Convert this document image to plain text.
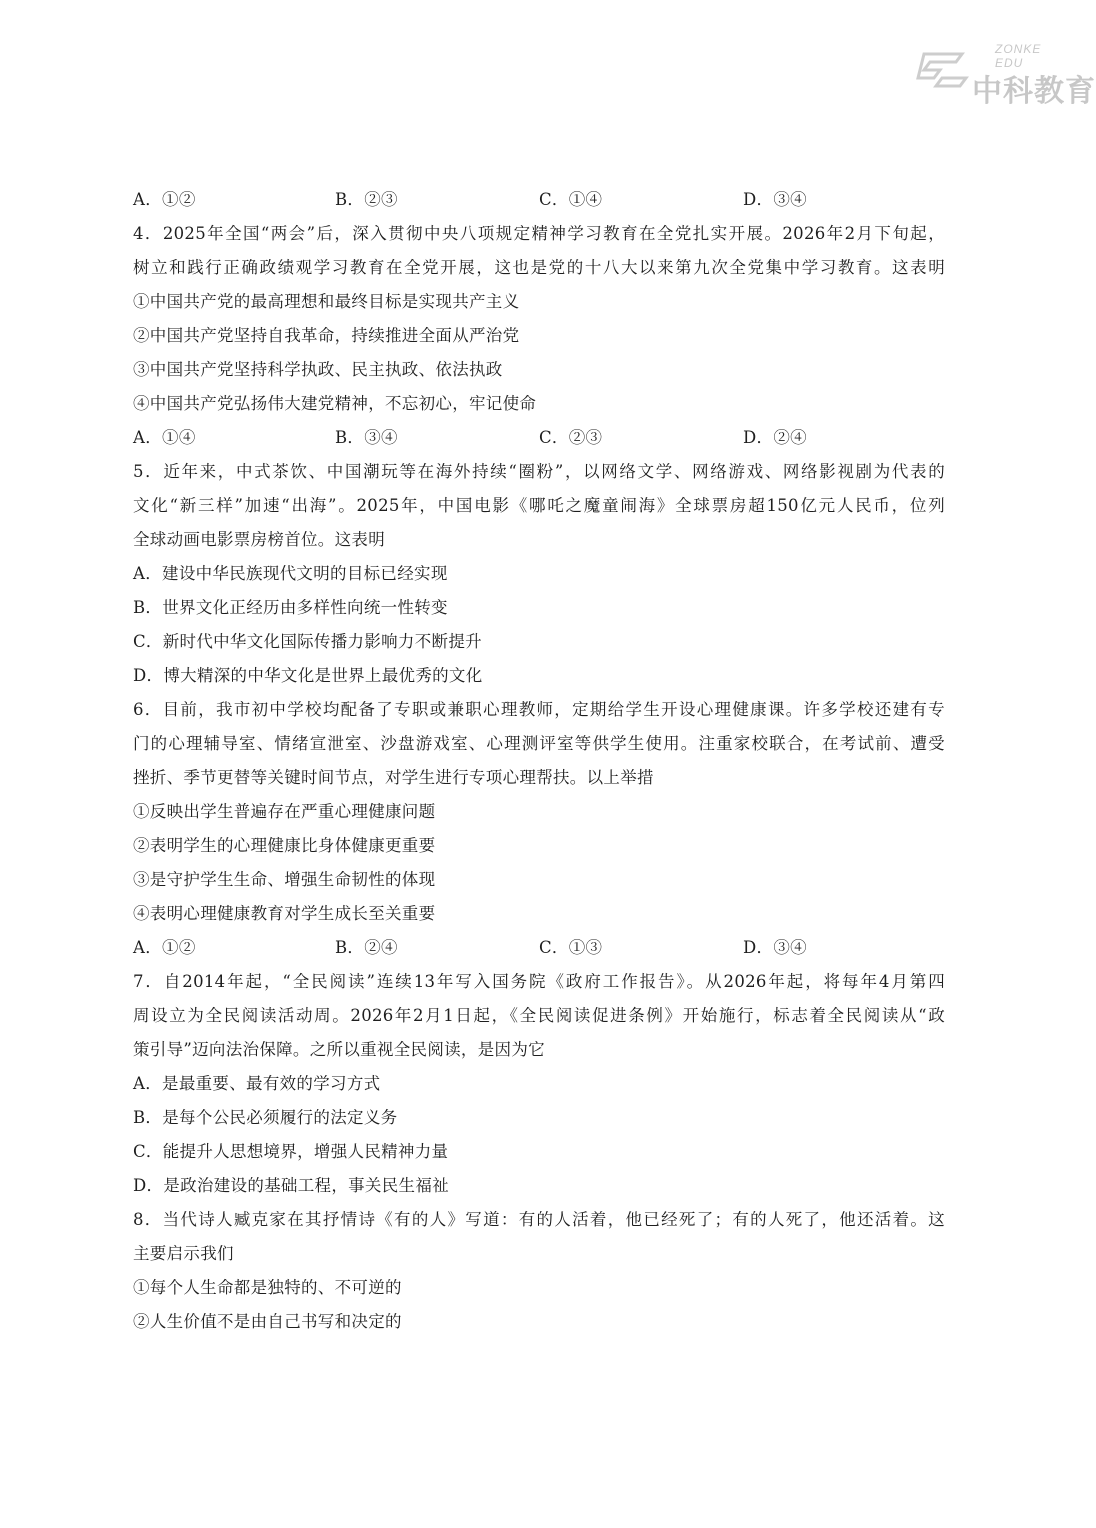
ZONKE EDU
中科教育
A．①②	B．②③	C．①④	D．③④
4．2025年全国“两会”后，深入贯彻中央八项规定精神学习教育在全党扎实开展。2026年2月下旬起，
树立和践行正确政绩观学习教育在全党开展，这也是党的十八大以来第九次全党集中学习教育。这表明
①中国共产党的最高理想和最终目标是实现共产主义
②中国共产党坚持自我革命，持续推进全面从严治党
③中国共产党坚持科学执政、民主执政、依法执政
④中国共产党弘扬伟大建党精神，不忘初心，牢记使命
A．①④	B．③④	C．②③	D．②④
5．近年来，中式茶饮、中国潮玩等在海外持续“圈粉”，以网络文学、网络游戏、网络影视剧为代表的
文化“新三样”加速“出海”。2025年，中国电影《哪吒之魔童闹海》全球票房超150亿元人民币，位列
全球动画电影票房榜首位。这表明
A．建设中华民族现代文明的目标已经实现
B．世界文化正经历由多样性向统一性转变
C．新时代中华文化国际传播力影响力不断提升
D．博大精深的中华文化是世界上最优秀的文化
6．目前，我市初中学校均配备了专职或兼职心理教师，定期给学生开设心理健康课。许多学校还建有专
门的心理辅导室、情绪宣泄室、沙盘游戏室、心理测评室等供学生使用。注重家校联合，在考试前、遭受
挫折、季节更替等关键时间节点，对学生进行专项心理帮扶。以上举措
①反映出学生普遍存在严重心理健康问题
②表明学生的心理健康比身体健康更重要
③是守护学生生命、增强生命韧性的体现
④表明心理健康教育对学生成长至关重要
A．①②	B．②④	C．①③	D．③④
7．自2014年起，“全民阅读”连续13年写入国务院《政府工作报告》。从2026年起，将每年4月第四
周设立为全民阅读活动周。2026年2月1日起，《全民阅读促进条例》开始施行，标志着全民阅读从“政
策引导”迈向法治保障。之所以重视全民阅读，是因为它
A．是最重要、最有效的学习方式
B．是每个公民必须履行的法定义务
C．能提升人思想境界，增强人民精神力量
D．是政治建设的基础工程，事关民生福祉
8．当代诗人臧克家在其抒情诗《有的人》写道：有的人活着，他已经死了；有的人死了，他还活着。这
主要启示我们
①每个人生命都是独特的、不可逆的
②人生价值不是由自己书写和决定的
